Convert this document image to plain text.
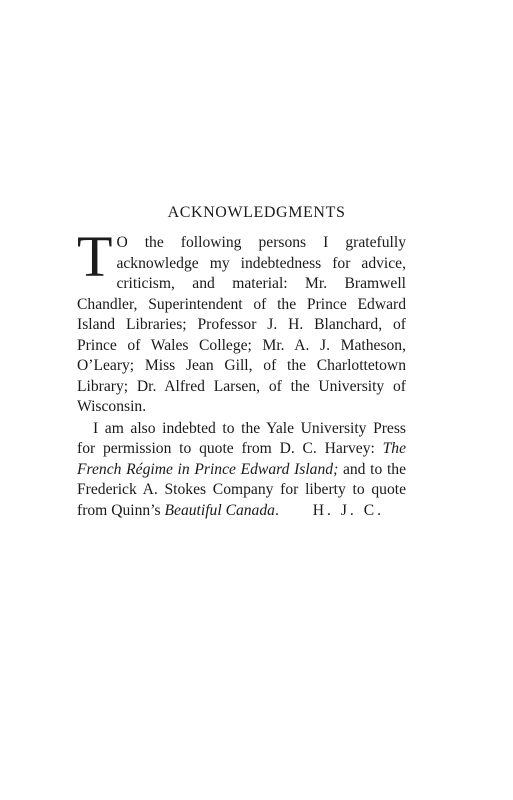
ACKNOWLEDGMENTS

T O the following persons I gratefully acknowledge my indebtedness for advice, criticism, and material: Mr. Bramwell Chandler, Superintendent of the Prince Edward Island Libraries; Professor J. H. Blanchard, of Prince of Wales College; Mr. A. J. Matheson, O’Leary; Miss Jean Gill, of the Charlottetown Library; Dr. Alfred Larsen, of the University of Wisconsin.

I am also indebted to the Yale University Press for permission to quote from D. C. Harvey: The French Régime in Prince Edward Island; and to the Frederick A. Stokes Company for liberty to quote from Quinn’s Beautiful Canada.	H. J. C.
